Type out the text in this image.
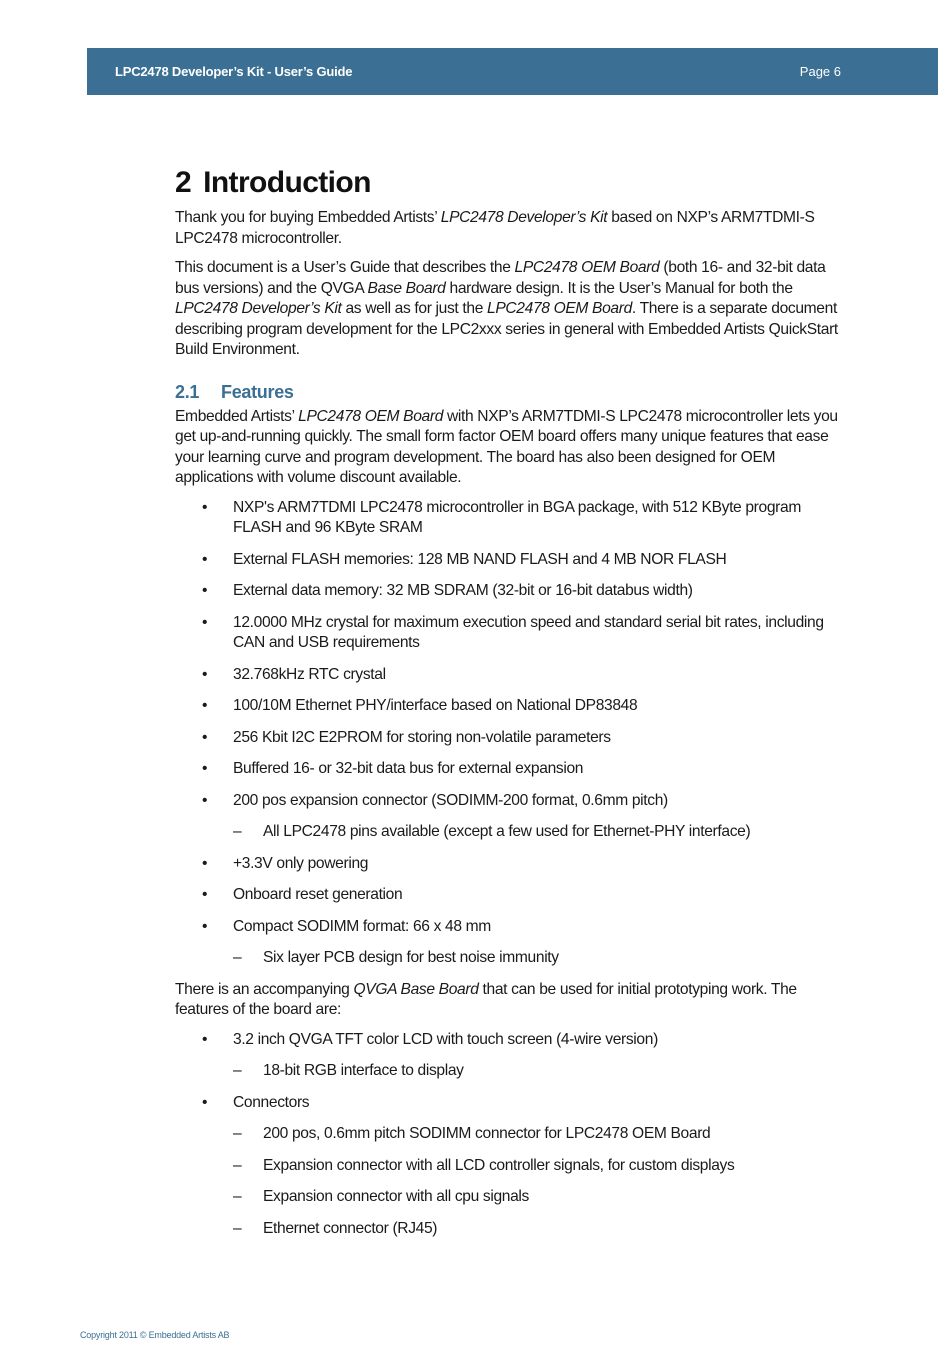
LPC2478 Developer’s Kit - User’s Guide	Page 6
2 Introduction

Thank you for buying Embedded Artists’ LPC2478 Developer’s Kit based on NXP’s ARM7TDMI-S LPC2478 microcontroller.

This document is a User’s Guide that describes the LPC2478 OEM Board (both 16- and 32-bit data bus versions) and the QVGA Base Board hardware design. It is the User’s Manual for both the LPC2478 Developer’s Kit as well as for just the LPC2478 OEM Board. There is a separate document describing program development for the LPC2xxx series in general with Embedded Artists QuickStart Build Environment.

2.1 Features

Embedded Artists’ LPC2478 OEM Board with NXP’s ARM7TDMI-S LPC2478 microcontroller lets you get up-and-running quickly. The small form factor OEM board offers many unique features that ease your learning curve and program development. The board has also been designed for OEM applications with volume discount available.

• NXP's ARM7TDMI LPC2478 microcontroller in BGA package, with 512 KByte program FLASH and 96 KByte SRAM
• External FLASH memories: 128 MB NAND FLASH and 4 MB NOR FLASH
• External data memory: 32 MB SDRAM (32-bit or 16-bit databus width)
• 12.0000 MHz crystal for maximum execution speed and standard serial bit rates, including CAN and USB requirements
• 32.768kHz RTC crystal
• 100/10M Ethernet PHY/interface based on National DP83848
• 256 Kbit I2C E2PROM for storing non-volatile parameters
• Buffered 16- or 32-bit data bus for external expansion
• 200 pos expansion connector (SODIMM-200 format, 0.6mm pitch)
– All LPC2478 pins available (except a few used for Ethernet-PHY interface)
• +3.3V only powering
• Onboard reset generation
• Compact SODIMM format: 66 x 48 mm
– Six layer PCB design for best noise immunity

There is an accompanying QVGA Base Board that can be used for initial prototyping work. The features of the board are:

• 3.2 inch QVGA TFT color LCD with touch screen (4-wire version)
– 18-bit RGB interface to display
• Connectors
– 200 pos, 0.6mm pitch SODIMM connector for LPC2478 OEM Board
– Expansion connector with all LCD controller signals, for custom displays
– Expansion connector with all cpu signals
– Ethernet connector (RJ45)
Copyright 2011 © Embedded Artists AB
